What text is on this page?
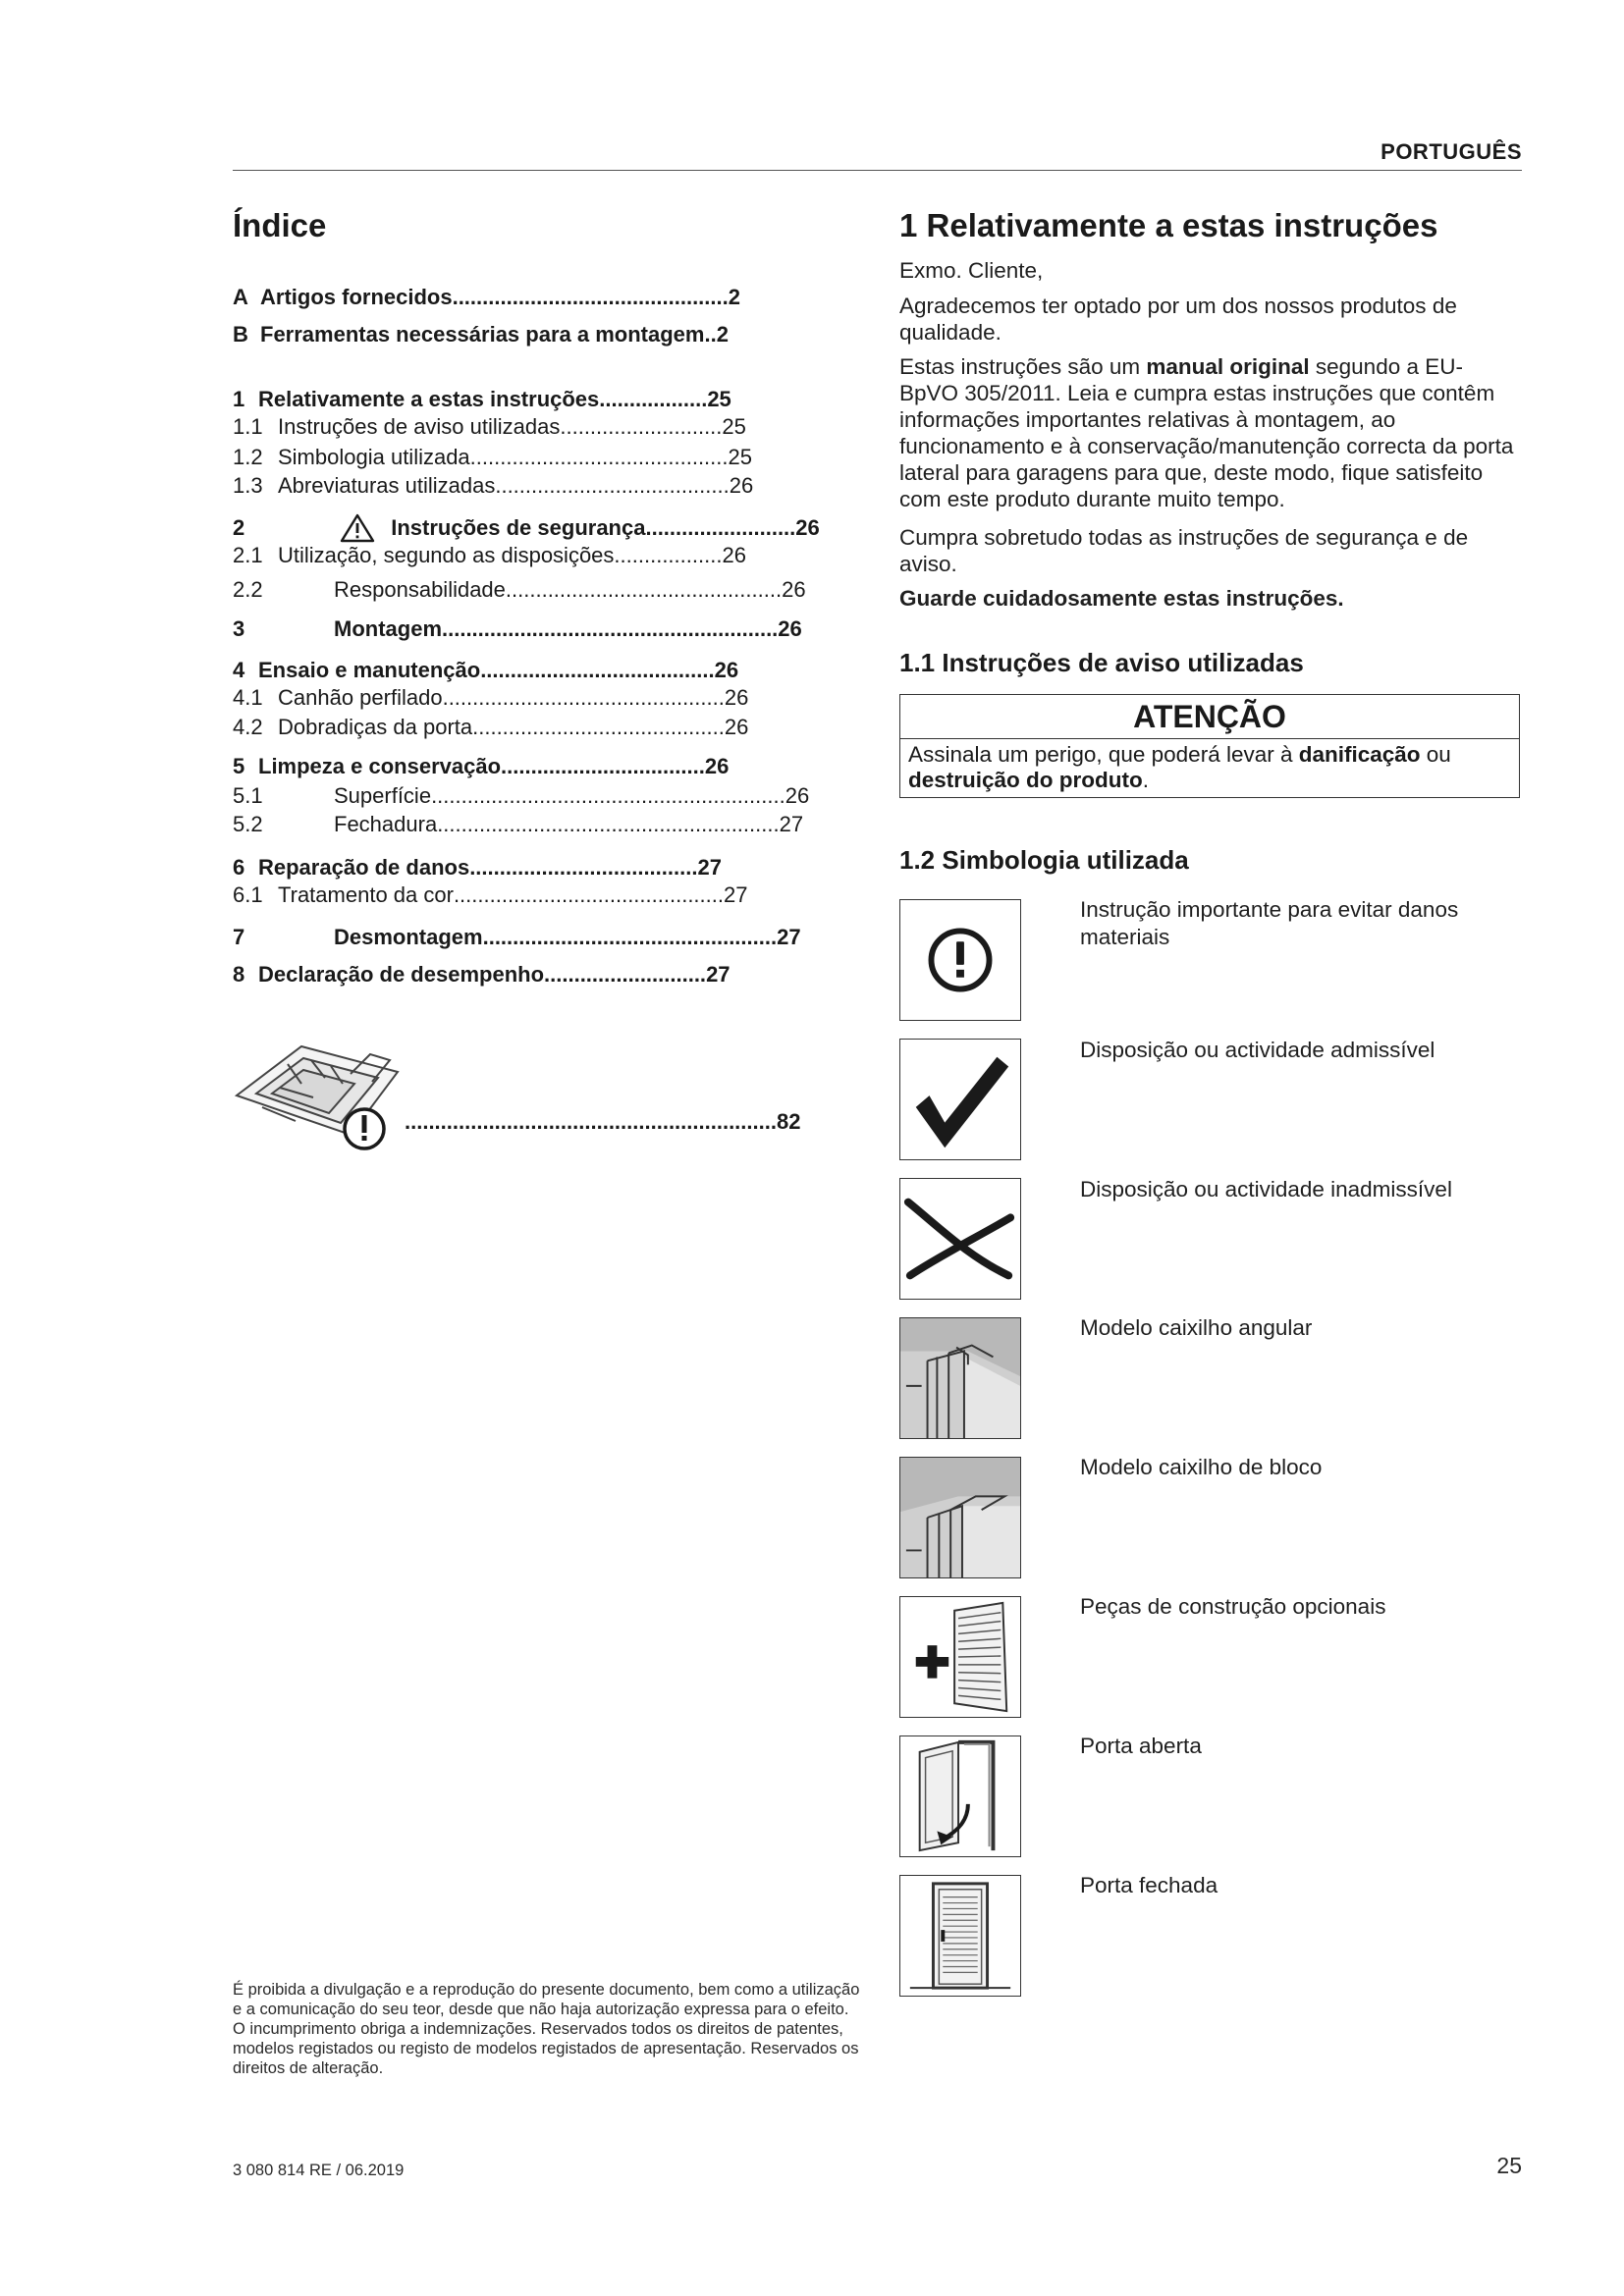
PORTUGUÊS
Índice
A Artigos fornecidos..............................................2
B Ferramentas necessárias para a montagem..2
1 Relativamente a estas instruções..................25
1.1 Instruções de aviso utilizadas...........................25
1.2 Simbologia utilizada...........................................25
1.3 Abreviaturas utilizadas.......................................26
2	Instruções de segurança.........................26
2.1 Utilização, segundo as disposições..................26
2.2	Responsabilidade..............................................26
3	Montagem........................................................26
4 Ensaio e manutenção.......................................26
4.1 Canhão perfilado...............................................26
4.2 Dobradiças da porta..........................................26
5 Limpeza e conservação..................................26
5.1	Superfície...........................................................26
5.2	Fechadura.........................................................27
6 Reparação de danos......................................27
6.1 Tratamento da cor.............................................27
7	Desmontagem.................................................27
8 Declaração de desempenho...........................27
..............................................................82
É proibida a divulgação e a reprodução do presente documento, bem como a utilização e a comunicação do seu teor, desde que não haja autorização expressa para o efeito. O incumprimento obriga a indemnizações. Reservados todos os direitos de patentes, modelos registados ou registo de modelos registados de apresentação. Reservados os direitos de alteração.
3 080 814 RE / 06.2019	25
1 Relativamente a estas instruções
Exmo. Cliente,
Agradecemos ter optado por um dos nossos produtos de qualidade.
Estas instruções são um manual original segundo a EU-BpVO 305/2011. Leia e cumpra estas instruções que contêm informações importantes relativas à montagem, ao funcionamento e à conservação/manutenção correcta da porta lateral para garagens para que, deste modo, fique satisfeito com este produto durante muito tempo.
Cumpra sobretudo todas as instruções de segurança e de aviso.
Guarde cuidadosamente estas instruções.
1.1 Instruções de aviso utilizadas
ATENÇÃO
Assinala um perigo, que poderá levar à danificação ou destruição do produto.
1.2 Simbologia utilizada
Instrução importante para evitar danos materiais
Disposição ou actividade admissível
Disposição ou actividade inadmissível
Modelo caixilho angular
Modelo caixilho de bloco
Peças de construção opcionais
Porta aberta
Porta fechada
